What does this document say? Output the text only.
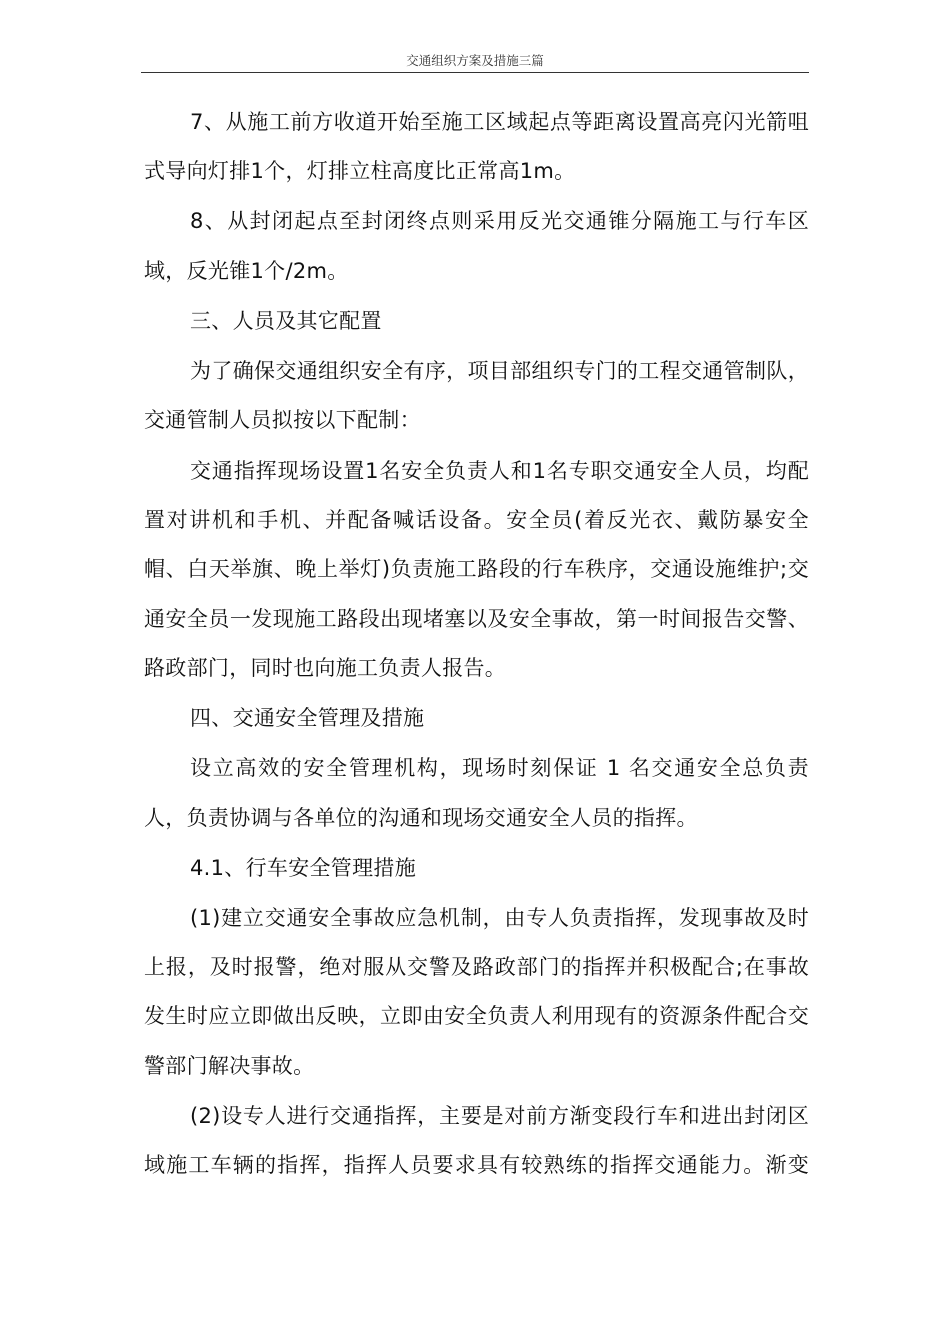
交通组织方案及措施三篇

7、从施工前方收道开始至施工区域起点等距离设置高亮闪光箭咀式导向灯排1个，灯排立柱高度比正常高1m。

8、从封闭起点至封闭终点则采用反光交通锥分隔施工与行车区域，反光锥1个/2m。

三、人员及其它配置

为了确保交通组织安全有序，项目部组织专门的工程交通管制队，交通管制人员拟按以下配制：

交通指挥现场设置1名安全负责人和1名专职交通安全人员，均配置对讲机和手机、并配备喊话设备。安全员(着反光衣、戴防暴安全帽、白天举旗、晚上举灯)负责施工路段的行车秩序，交通设施维护;交通安全员一发现施工路段出现堵塞以及安全事故，第一时间报告交警、路政部门，同时也向施工负责人报告。

四、交通安全管理及措施

设立高效的安全管理机构，现场时刻保证 1 名交通安全总负责人，负责协调与各单位的沟通和现场交通安全人员的指挥。

4.1、行车安全管理措施

(1)建立交通安全事故应急机制，由专人负责指挥，发现事故及时上报，及时报警，绝对服从交警及路政部门的指挥并积极配合;在事故发生时应立即做出反映，立即由安全负责人利用现有的资源条件配合交警部门解决事故。

(2)设专人进行交通指挥，主要是对前方渐变段行车和进出封闭区域施工车辆的指挥，指挥人员要求具有较熟练的指挥交通能力。渐变
